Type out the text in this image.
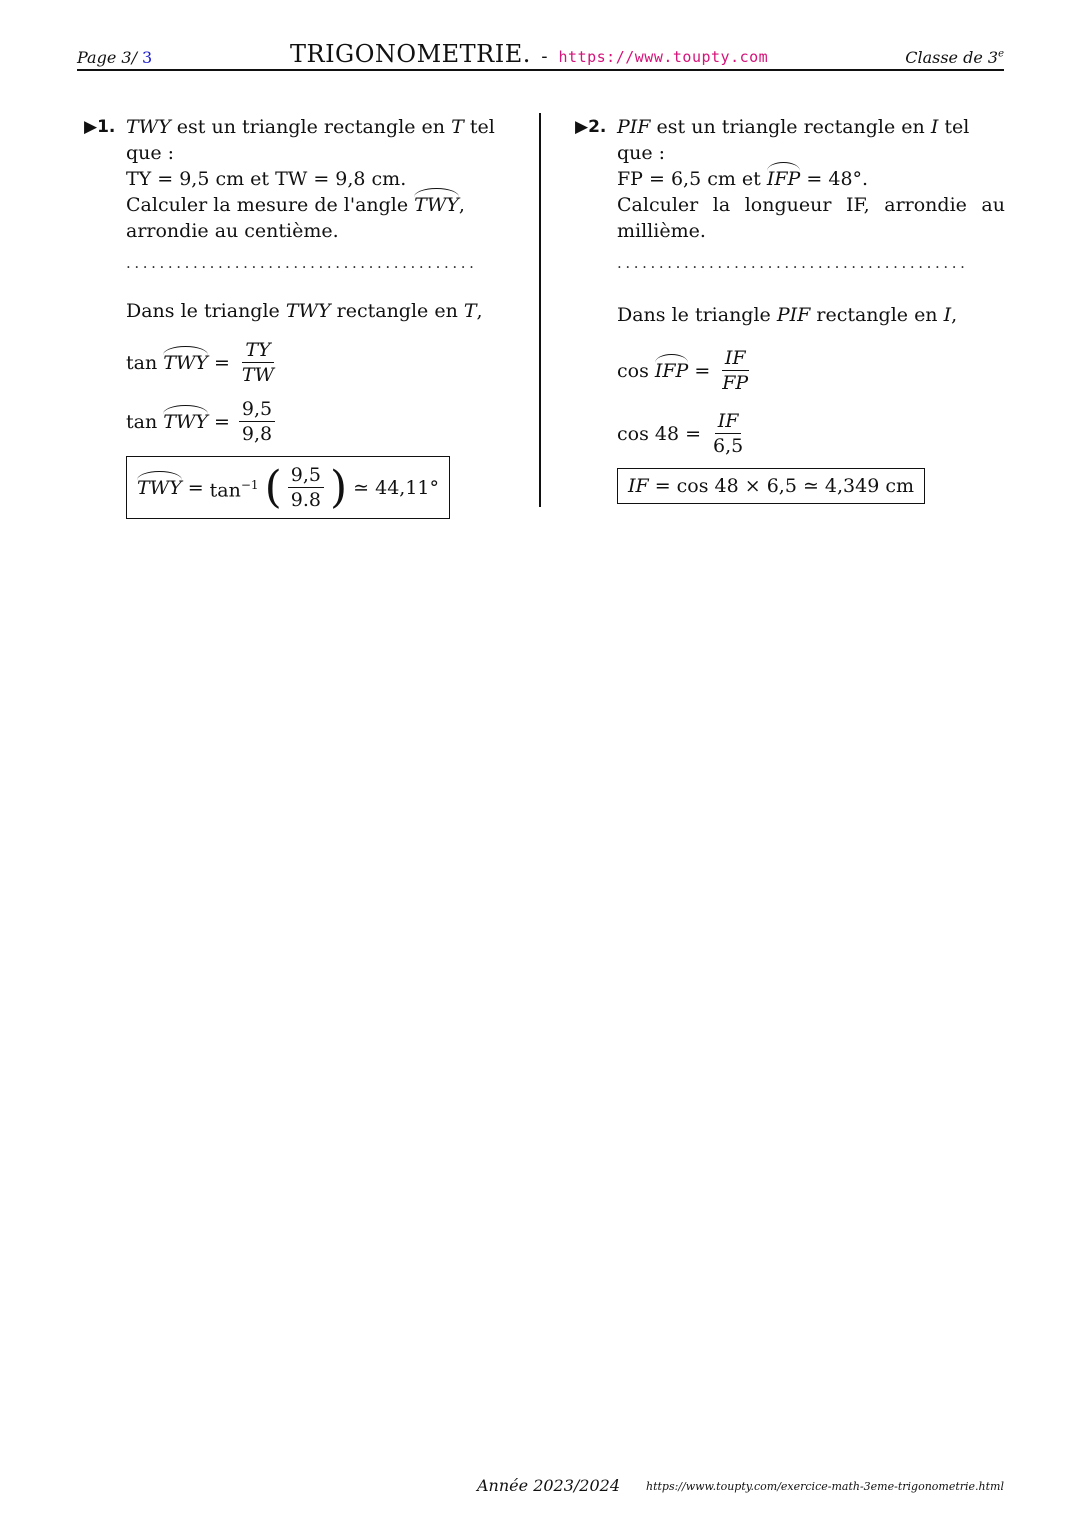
Page 3/ 3	TRIGONOMETRIE. - https://www.toupty.com	Classe de 3e
▶1. TWY est un triangle rectangle en T tel que :
TY = 9,5 cm et TW = 9,8 cm.
Calculer la mesure de l'angle TWY, arrondie au centième.
..........................................
Dans le triangle TWY rectangle en T,
tan TWY = $\frac{TY}{TW}$
tan TWY = $\frac{9,5}{9,8}$
TWY = $\tan^{-1}$ ( $\frac{9,5}{9.8}$ ) ≃ 44,11°
▶2. PIF est un triangle rectangle en I tel que :
FP = 6,5 cm et IFP = 48°.
Calculer la longueur IF, arrondie au millième.
..........................................
Dans le triangle PIF rectangle en I,
cos IFP = $\frac{IF}{FP}$
$\cos 48 = \frac{IF}{6,5}$
IF = cos 48 × 6,5 ≃ 4,349 cm
Année 2023/2024 https://www.toupty.com/exercice-math-3eme-trigonometrie.html
